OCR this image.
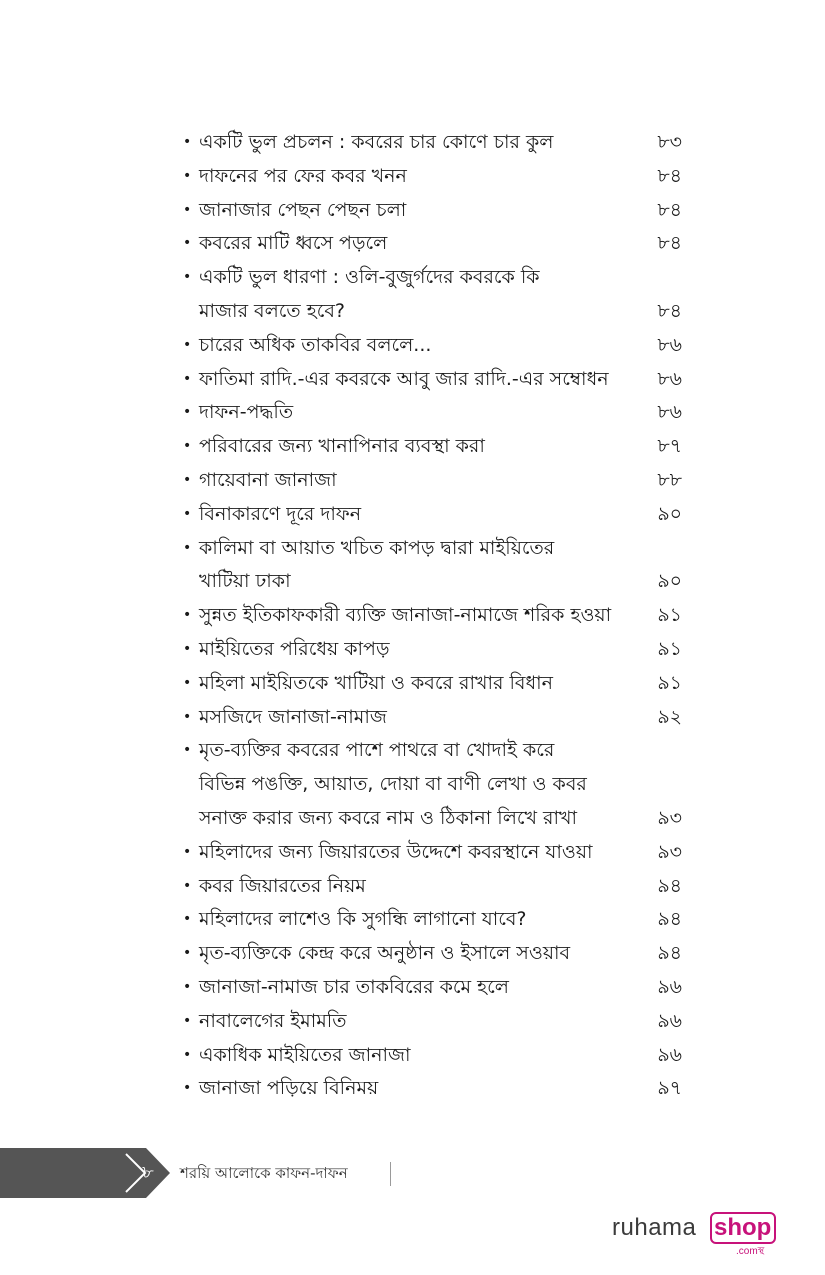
• একটি ভুল প্রচলন : কবরের চার কোণে চার কুল	৮৩
• দাফনের পর ফের কবর খনন	৮৪
• জানাজার পেছন পেছন চলা	৮৪
• কবরের মাটি ধ্বসে পড়লে	৮৪
• একটি ভুল ধারণা : ওলি-বুজুর্গদের কবরকে কি
মাজার বলতে হবে?	৮৪
• চারের অধিক তাকবির বললে...	৮৬
• ফাতিমা রাদি.-এর কবরকে আবু জার রাদি.-এর সম্বোধন	৮৬
• দাফন-পদ্ধতি	৮৬
• পরিবারের জন্য খানাপিনার ব্যবস্থা করা	৮৭
• গায়েবানা জানাজা	৮৮
• বিনাকারণে দূরে দাফন	৯০
• কালিমা বা আয়াত খচিত কাপড় দ্বারা মাইয়িতের
খাটিয়া ঢাকা	৯০
• সুন্নত ইতিকাফকারী ব্যক্তি জানাজা-নামাজে শরিক হওয়া	৯১
• মাইয়িতের পরিধেয় কাপড়	৯১
• মহিলা মাইয়িতকে খাটিয়া ও কবরে রাখার বিধান	৯১
• মসজিদে জানাজা-নামাজ	৯২
• মৃত-ব্যক্তির কবরের পাশে পাথরে বা খোদাই করে
বিভিন্ন পঙক্তি, আয়াত, দোয়া বা বাণী লেখা ও কবর
সনাক্ত করার জন্য কবরে নাম ও ঠিকানা লিখে রাখা	৯৩
• মহিলাদের জন্য জিয়ারতের উদ্দেশে কবরস্থানে যাওয়া	৯৩
• কবর জিয়ারতের নিয়ম	৯৪
• মহিলাদের লাশেও কি সুগন্ধি লাগানো যাবে?	৯৪
• মৃত-ব্যক্তিকে কেন্দ্র করে অনুষ্ঠান ও ইসালে সওয়াব	৯৪
• জানাজা-নামাজ চার তাকবিরের কমে হলে	৯৬
• নাবালেগের ইমামতি	৯৬
• একাধিক মাইয়িতের জানাজা	৯৬
• জানাজা পড়িয়ে বিনিময়	৯৭
৮	শরয়ি আলোকে কাফন-দাফন
ruhama shop
.comস্থ
